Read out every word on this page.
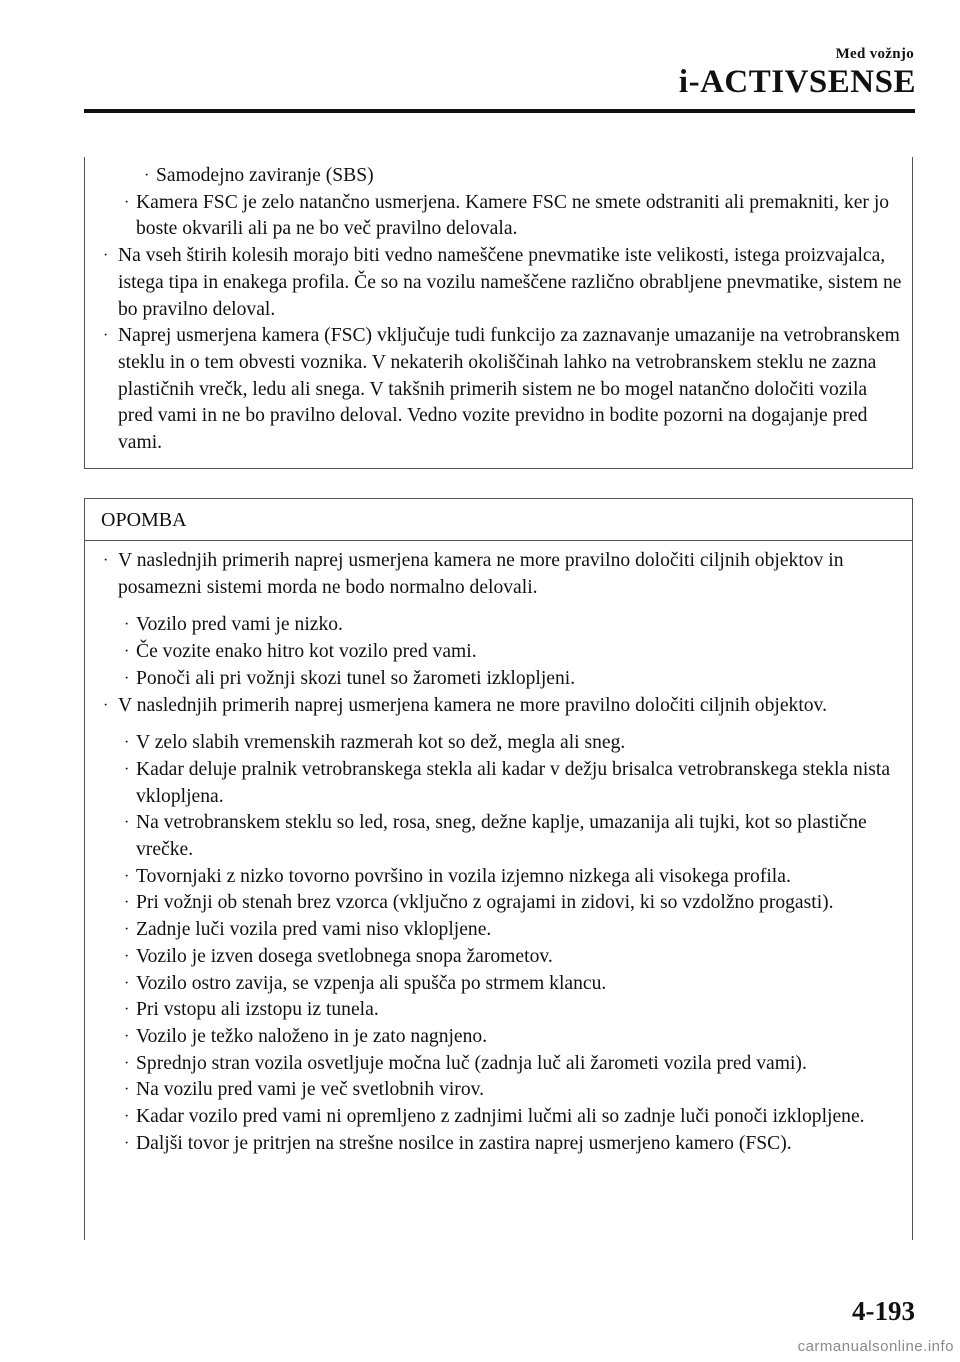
Med vožnjo
i-ACTIVSENSE
· Samodejno zaviranje (SBS)
· Kamera FSC je zelo natančno usmerjena. Kamere FSC ne smete odstraniti ali premakniti, ker jo boste okvarili ali pa ne bo več pravilno delovala.
· Na vseh štirih kolesih morajo biti vedno nameščene pnevmatike iste velikosti, istega proizvajalca, istega tipa in enakega profila. Če so na vozilu nameščene različno obrabljene pnevmatike, sistem ne bo pravilno deloval.
· Naprej usmerjena kamera (FSC) vključuje tudi funkcijo za zaznavanje umazanije na vetrobranskem steklu in o tem obvesti voznika. V nekaterih okoliščinah lahko na vetrobranskem steklu ne zazna plastičnih vrečk, ledu ali snega. V takšnih primerih sistem ne bo mogel natančno določiti vozila pred vami in ne bo pravilno deloval. Vedno vozite previdno in bodite pozorni na dogajanje pred vami.
OPOMBA
· V naslednjih primerih naprej usmerjena kamera ne more pravilno določiti ciljnih objektov in posamezni sistemi morda ne bodo normalno delovali.
· Vozilo pred vami je nizko.
· Če vozite enako hitro kot vozilo pred vami.
· Ponoči ali pri vožnji skozi tunel so žarometi izklopljeni.
· V naslednjih primerih naprej usmerjena kamera ne more pravilno določiti ciljnih objektov.
· V zelo slabih vremenskih razmerah kot so dež, megla ali sneg.
· Kadar deluje pralnik vetrobranskega stekla ali kadar v dežju brisalca vetrobranskega stekla nista vklopljena.
· Na vetrobranskem steklu so led, rosa, sneg, dežne kaplje, umazanija ali tujki, kot so plastične vrečke.
· Tovornjaki z nizko tovorno površino in vozila izjemno nizkega ali visokega profila.
· Pri vožnji ob stenah brez vzorca (vključno z ograjami in zidovi, ki so vzdolžno progasti).
· Zadnje luči vozila pred vami niso vklopljene.
· Vozilo je izven dosega svetlobnega snopa žarometov.
· Vozilo ostro zavija, se vzpenja ali spušča po strmem klancu.
· Pri vstopu ali izstopu iz tunela.
· Vozilo je težko naloženo in je zato nagnjeno.
· Sprednjo stran vozila osvetljuje močna luč (zadnja luč ali žarometi vozila pred vami).
· Na vozilu pred vami je več svetlobnih virov.
· Kadar vozilo pred vami ni opremljeno z zadnjimi lučmi ali so zadnje luči ponoči izklopljene.
· Daljši tovor je pritrjen na strešne nosilce in zastira naprej usmerjeno kamero (FSC).
4-193
carmanualsonline.info
